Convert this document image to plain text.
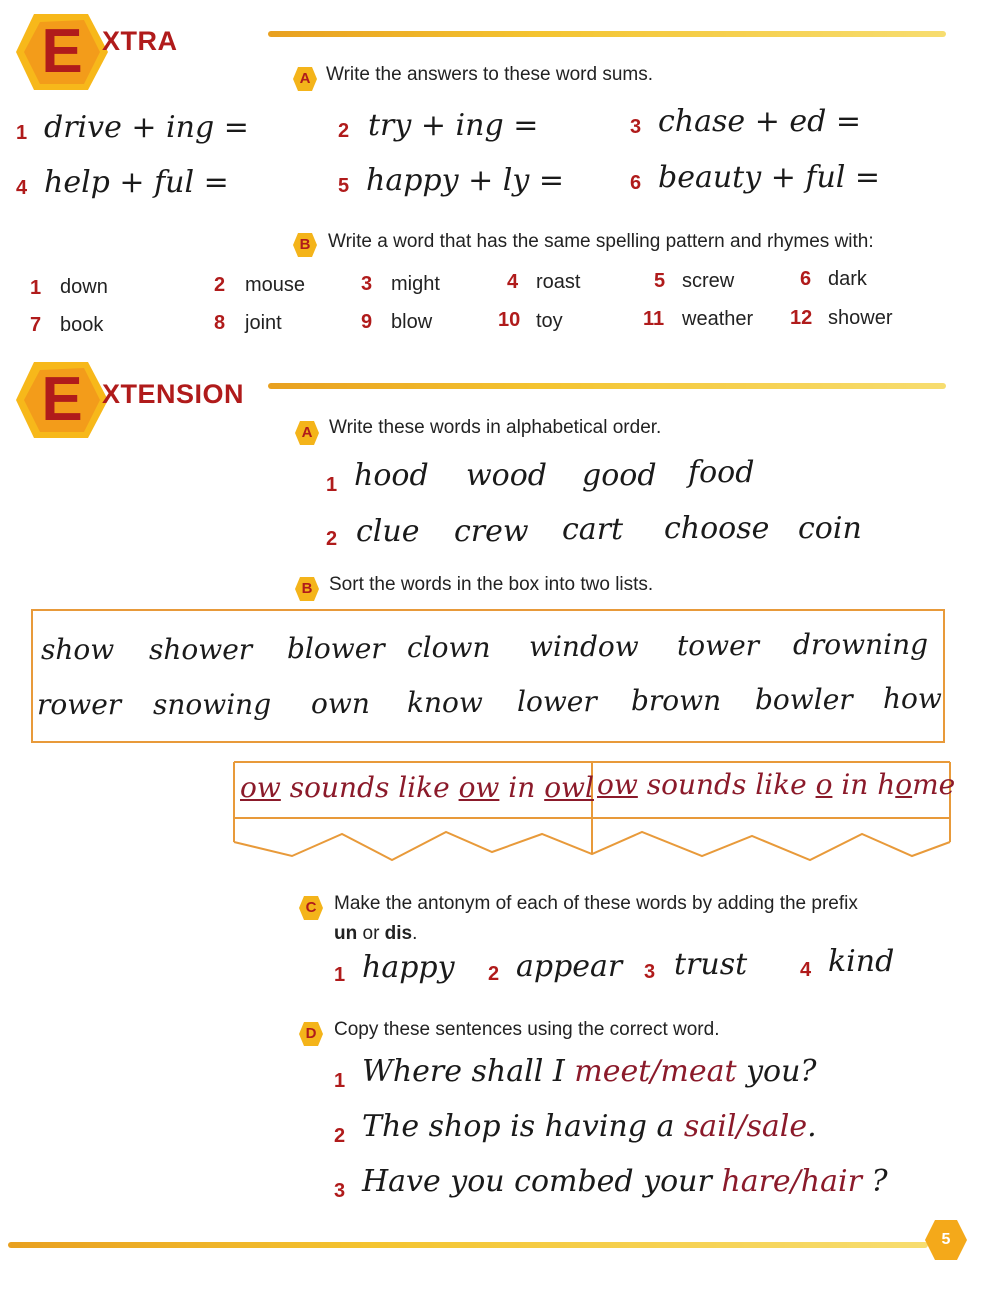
E XTRA
A Write the answers to these word sums.
1 drive + ing =	2 try + ing =	3 chase + ed =
4 help + ful =	5 happy + ly =	6 beauty + ful =
B Write a word that has the same spelling pattern and rhymes with:
1 down	2 mouse	3 might	4 roast	5 screw	6 dark
7 book	8 joint	9 blow	10 toy	11 weather 12 shower
E XTENSION
A Write these words in alphabetical order.
1 hood wood good food
2 clue crew cart choose coin
B Sort the words in the box into two lists.
show shower blower clown window tower drowning
rower snowing own know lower brown bowler how
ow sounds like ow in owl ow sounds like o in home
C Make the antonym of each of these words by adding the prefix
un or dis.
1 happy 2 appear 3 trust	4 kind
D Copy these sentences using the correct word.
1 Where shall I meet/meat you?
2 The shop is having a sail/sale.
3 Have you combed your hare/hair ?
5
